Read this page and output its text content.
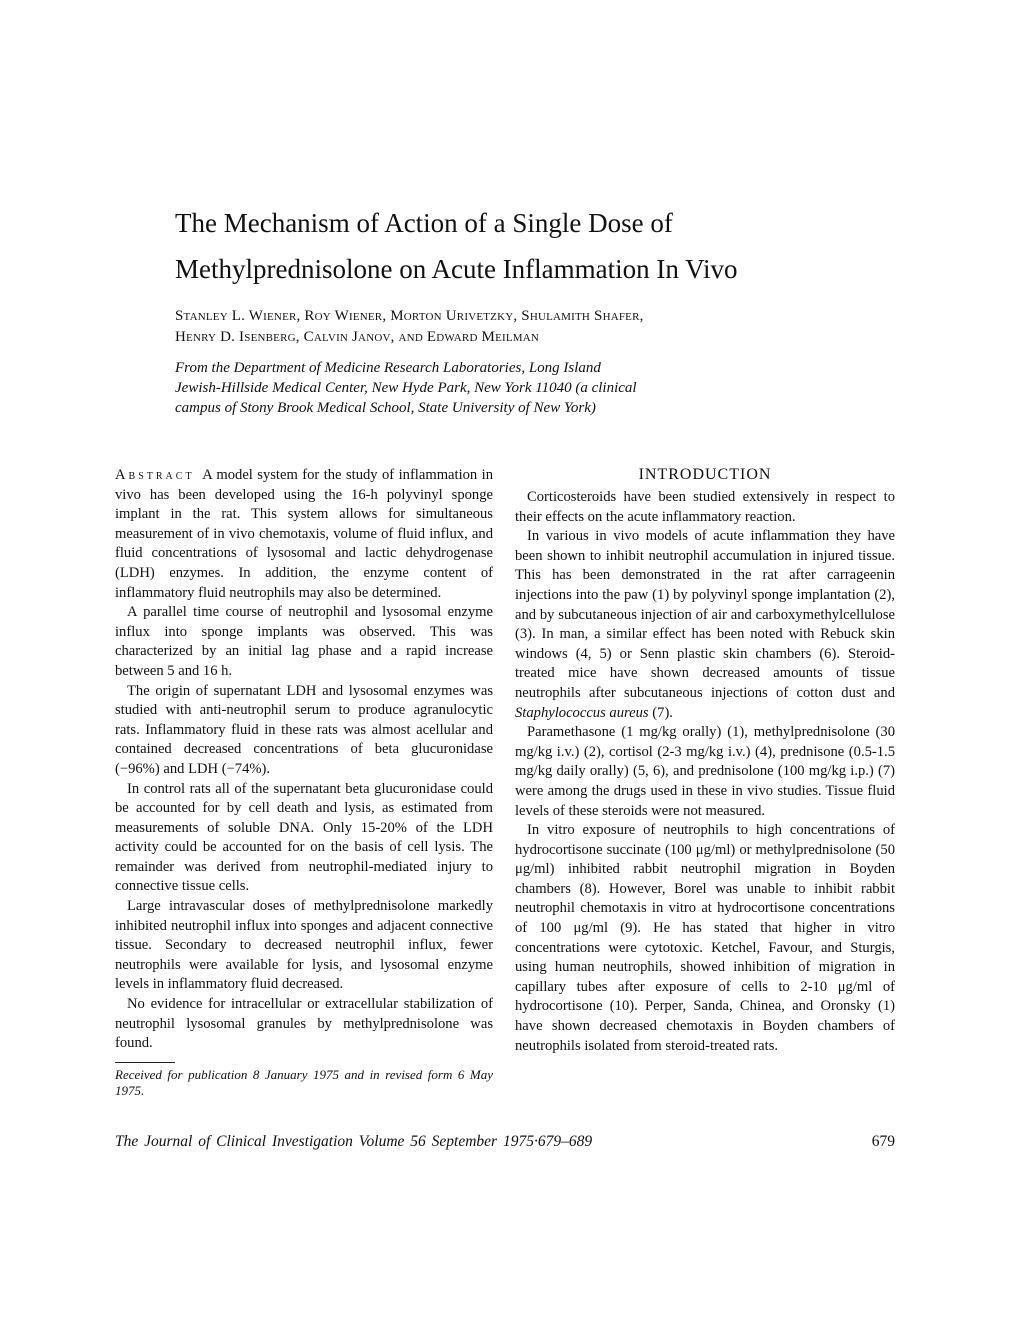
The Mechanism of Action of a Single Dose of
Methylprednisolone on Acute Inflammation In Vivo
Stanley L. Wiener, Roy Wiener, Morton Urivetzky, Shulamith Shafer,
Henry D. Isenberg, Calvin Janov, and Edward Meilman
From the Department of Medicine Research Laboratories, Long Island
Jewish-Hillside Medical Center, New Hyde Park, New York 11040 (a clinical
campus of Stony Brook Medical School, State University of New York)

Abstract A model system for the study of inflammation in vivo has been developed using the 16-h polyvinyl sponge implant in the rat. This system allows for simultaneous measurement of in vivo chemotaxis, volume of fluid influx, and fluid concentrations of lysosomal and lactic dehydrogenase (LDH) enzymes. In addition, the enzyme content of inflammatory fluid neutrophils may also be determined.

A parallel time course of neutrophil and lysosomal enzyme influx into sponge implants was observed. This was characterized by an initial lag phase and a rapid increase between 5 and 16 h.

The origin of supernatant LDH and lysosomal enzymes was studied with anti-neutrophil serum to produce agranulocytic rats. Inflammatory fluid in these rats was almost acellular and contained decreased concentrations of beta glucuronidase (−96%) and LDH (−74%).

In control rats all of the supernatant beta glucuronidase could be accounted for by cell death and lysis, as estimated from measurements of soluble DNA. Only 15-20% of the LDH activity could be accounted for on the basis of cell lysis. The remainder was derived from neutrophil-mediated injury to connective tissue cells.

Large intravascular doses of methylprednisolone markedly inhibited neutrophil influx into sponges and adjacent connective tissue. Secondary to decreased neutrophil influx, fewer neutrophils were available for lysis, and lysosomal enzyme levels in inflammatory fluid decreased.

No evidence for intracellular or extracellular stabilization of neutrophil lysosomal granules by methylprednisolone was found.

Received for publication 8 January 1975 and in revised form 6 May 1975.

INTRODUCTION

Corticosteroids have been studied extensively in respect to their effects on the acute inflammatory reaction.

In various in vivo models of acute inflammation they have been shown to inhibit neutrophil accumulation in injured tissue. This has been demonstrated in the rat after carrageenin injections into the paw (1) by polyvinyl sponge implantation (2), and by subcutaneous injection of air and carboxymethylcellulose (3). In man, a similar effect has been noted with Rebuck skin windows (4, 5) or Senn plastic skin chambers (6). Steroid-treated mice have shown decreased amounts of tissue neutrophils after subcutaneous injections of cotton dust and Staphylococcus aureus (7).

Paramethasone (1 mg/kg orally) (1), methylprednisolone (30 mg/kg i.v.) (2), cortisol (2-3 mg/kg i.v.) (4), prednisone (0.5-1.5 mg/kg daily orally) (5, 6), and prednisolone (100 mg/kg i.p.) (7) were among the drugs used in these in vivo studies. Tissue fluid levels of these steroids were not measured.

In vitro exposure of neutrophils to high concentrations of hydrocortisone succinate (100 μg/ml) or methylprednisolone (50 μg/ml) inhibited rabbit neutrophil migration in Boyden chambers (8). However, Borel was unable to inhibit rabbit neutrophil chemotaxis in vitro at hydrocortisone concentrations of 100 μg/ml (9). He has stated that higher in vitro concentrations were cytotoxic. Ketchel, Favour, and Sturgis, using human neutrophils, showed inhibition of migration in capillary tubes after exposure of cells to 2-10 μg/ml of hydrocortisone (10). Perper, Sanda, Chinea, and Oronsky (1) have shown decreased chemotaxis in Boyden chambers of neutrophils isolated from steroid-treated rats.

The Journal of Clinical Investigation Volume 56 September 1975·679–689	679
